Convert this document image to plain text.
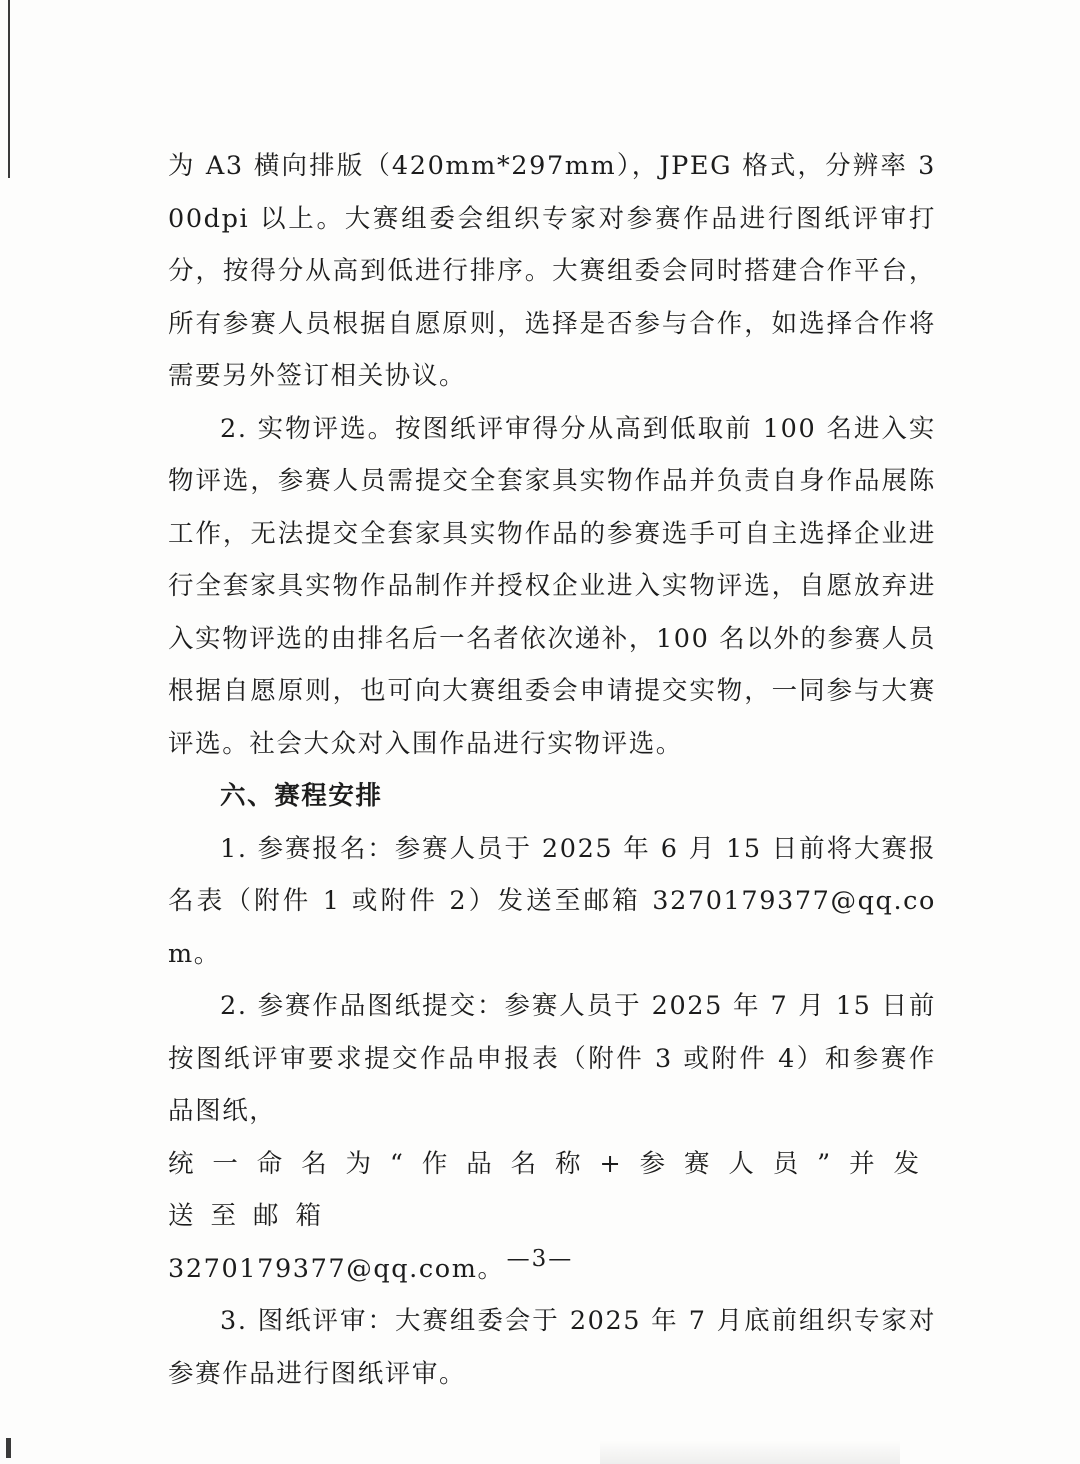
为 A3 横向排版（420mm*297mm），JPEG 格式，分辨率 300dpi 以上。大赛组委会组织专家对参赛作品进行图纸评审打分，按得分从高到低进行排序。大赛组委会同时搭建合作平台，所有参赛人员根据自愿原则，选择是否参与合作，如选择合作将需要另外签订相关协议。

2. 实物评选。按图纸评审得分从高到低取前 100 名进入实物评选，参赛人员需提交全套家具实物作品并负责自身作品展陈工作，无法提交全套家具实物作品的参赛选手可自主选择企业进行全套家具实物作品制作并授权企业进入实物评选，自愿放弃进入实物评选的由排名后一名者依次递补，100 名以外的参赛人员根据自愿原则，也可向大赛组委会申请提交实物，一同参与大赛评选。社会大众对入围作品进行实物评选。

六、赛程安排

1. 参赛报名：参赛人员于 2025 年 6 月 15 日前将大赛报名表（附件 1 或附件 2）发送至邮箱 3270179377@qq.com。

2. 参赛作品图纸提交：参赛人员于 2025 年 7 月 15 日前按图纸评审要求提交作品申报表（附件 3 或附件 4）和参赛作品图纸，

统一命名为“作品名称+参赛人员”并发送至邮箱

3270179377@qq.com。

3. 图纸评审：大赛组委会于 2025 年 7 月底前组织专家对参赛作品进行图纸评审。

—3—
